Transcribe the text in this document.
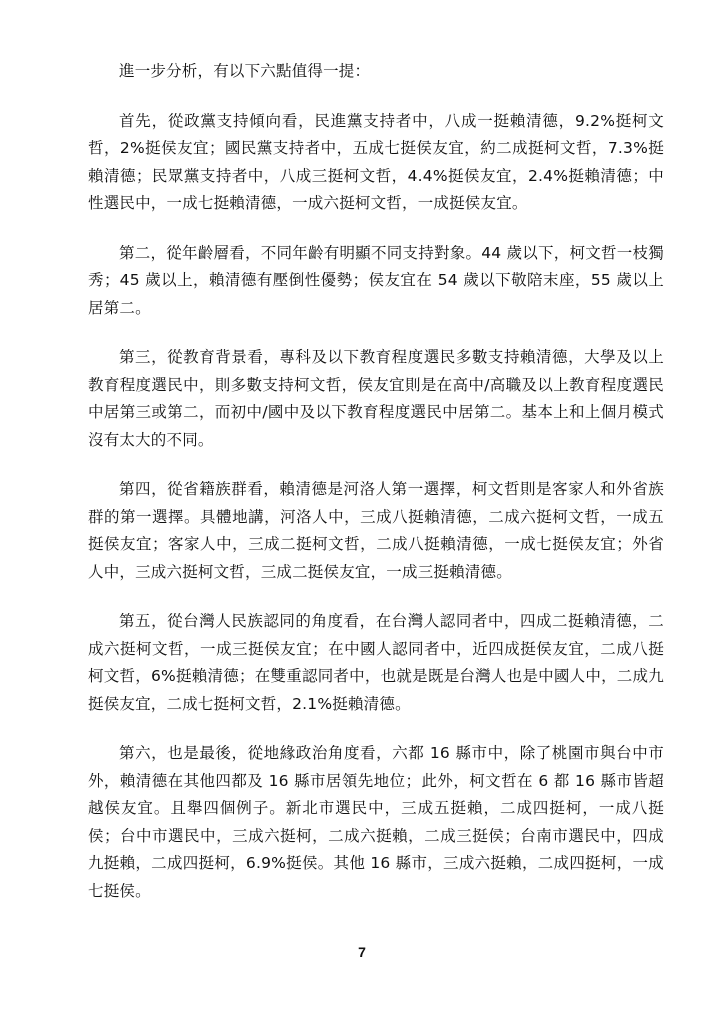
進一步分析，有以下六點值得一提：

首先，從政黨支持傾向看，民進黨支持者中，八成一挺賴清德，9.2%挺柯文哲，2%挺侯友宜；國民黨支持者中，五成七挺侯友宜，約二成挺柯文哲，7.3%挺賴清德；民眾黨支持者中，八成三挺柯文哲，4.4%挺侯友宜，2.4%挺賴清德；中性選民中，一成七挺賴清德，一成六挺柯文哲，一成挺侯友宜。

第二，從年齡層看，不同年齡有明顯不同支持對象。44 歲以下，柯文哲一枝獨秀；45 歲以上，賴清德有壓倒性優勢；侯友宜在 54 歲以下敬陪末座，55 歲以上居第二。

第三，從教育背景看，專科及以下教育程度選民多數支持賴清德，大學及以上教育程度選民中，則多數支持柯文哲，侯友宜則是在高中/高職及以上教育程度選民中居第三或第二，而初中/國中及以下教育程度選民中居第二。基本上和上個月模式沒有太大的不同。

第四，從省籍族群看，賴清德是河洛人第一選擇，柯文哲則是客家人和外省族群的第一選擇。具體地講，河洛人中，三成八挺賴清德，二成六挺柯文哲，一成五挺侯友宜；客家人中，三成二挺柯文哲，二成八挺賴清德，一成七挺侯友宜；外省人中，三成六挺柯文哲，三成二挺侯友宜，一成三挺賴清德。

第五，從台灣人民族認同的角度看，在台灣人認同者中，四成二挺賴清德，二成六挺柯文哲，一成三挺侯友宜；在中國人認同者中，近四成挺侯友宜，二成八挺柯文哲，6%挺賴清德；在雙重認同者中，也就是既是台灣人也是中國人中，二成九挺侯友宜，二成七挺柯文哲，2.1%挺賴清德。

第六，也是最後，從地緣政治角度看，六都 16 縣市中，除了桃園市與台中市外，賴清德在其他四都及 16 縣市居領先地位；此外，柯文哲在 6 都 16 縣市皆超越侯友宜。且舉四個例子。新北市選民中，三成五挺賴，二成四挺柯，一成八挺侯；台中市選民中，三成六挺柯，二成六挺賴，二成三挺侯；台南市選民中，四成九挺賴，二成四挺柯，6.9%挺侯。其他 16 縣市，三成六挺賴，二成四挺柯，一成七挺侯。

7
